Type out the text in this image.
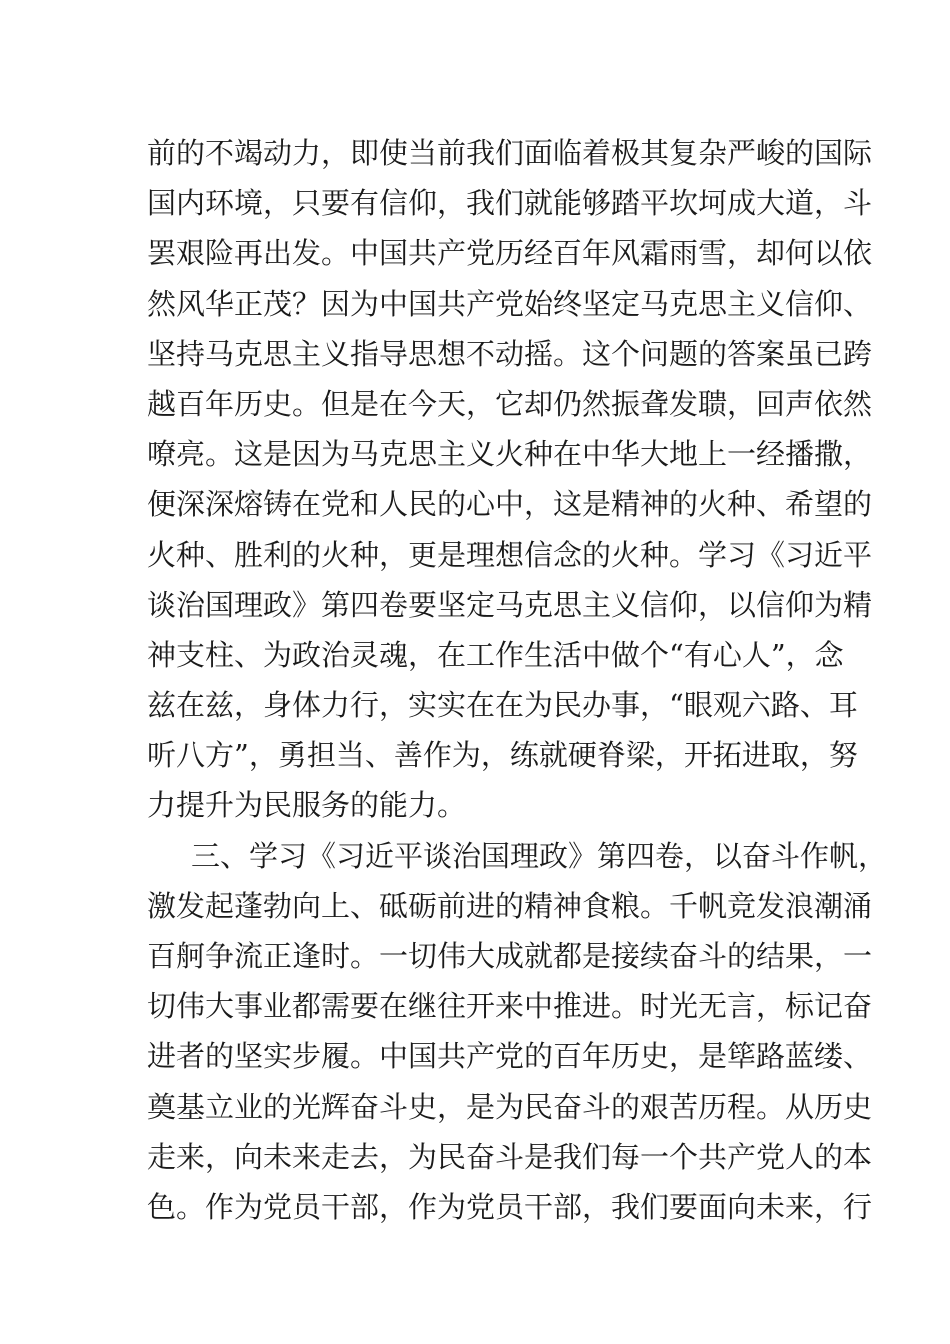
前的不竭动力，即使当前我们面临着极其复杂严峻的国际
国内环境，只要有信仰，我们就能够踏平坎坷成大道，斗
罢艰险再出发。中国共产党历经百年风霜雨雪，却何以依
然风华正茂？因为中国共产党始终坚定马克思主义信仰、
坚持马克思主义指导思想不动摇。这个问题的答案虽已跨
越百年历史。但是在今天，它却仍然振聋发聩，回声依然
嘹亮。这是因为马克思主义火种在中华大地上一经播撒，
便深深熔铸在党和人民的心中，这是精神的火种、希望的
火种、胜利的火种，更是理想信念的火种。学习《习近平
谈治国理政》第四卷要坚定马克思主义信仰，以信仰为精
神支柱、为政治灵魂，在工作生活中做个“有心人”，念
兹在兹，身体力行，实实在在为民办事，“眼观六路、耳
听八方”，勇担当、善作为，练就硬脊梁，开拓进取，努
力提升为民服务的能力。
三、学习《习近平谈治国理政》第四卷，以奋斗作帆，
激发起蓬勃向上、砥砺前进的精神食粮。千帆竞发浪潮涌
百舸争流正逢时。一切伟大成就都是接续奋斗的结果，一
切伟大事业都需要在继往开来中推进。时光无言，标记奋
进者的坚实步履。中国共产党的百年历史，是筚路蓝缕、
奠基立业的光辉奋斗史，是为民奋斗的艰苦历程。从历史
走来，向未来走去，为民奋斗是我们每一个共产党人的本
色。作为党员干部，作为党员干部，我们要面向未来，行
